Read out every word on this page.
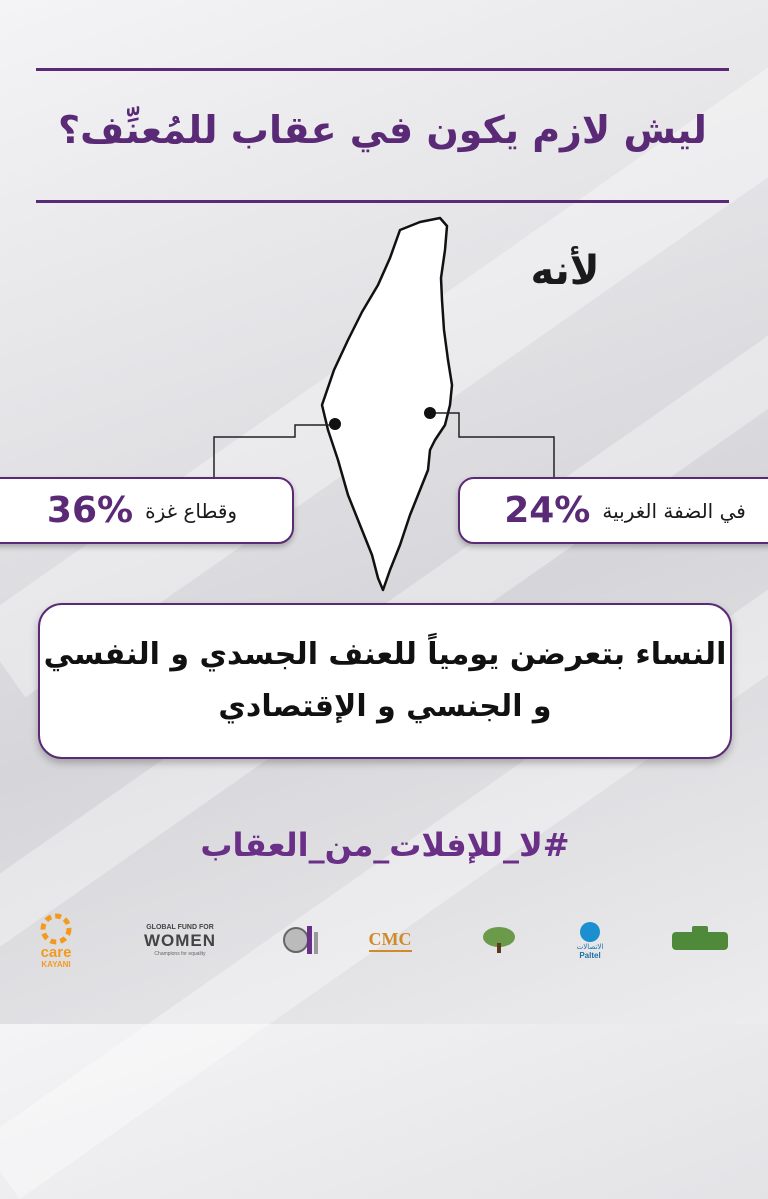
ليش لازم يكون في عقاب للمُعنِّف؟
لأنه
وقطاع غزة
36%	في الضفة الغربية
24%
النساء بتعرضن يومياً للعنف الجسدي و النفسي
و الجنسي و الإقتصادي
#لا_للإفلات_من_العقاب
care
KAYANI
GLOBAL FUND FOR
WOMEN
Champions for equality
CMC	الاتصالات
Paltel
